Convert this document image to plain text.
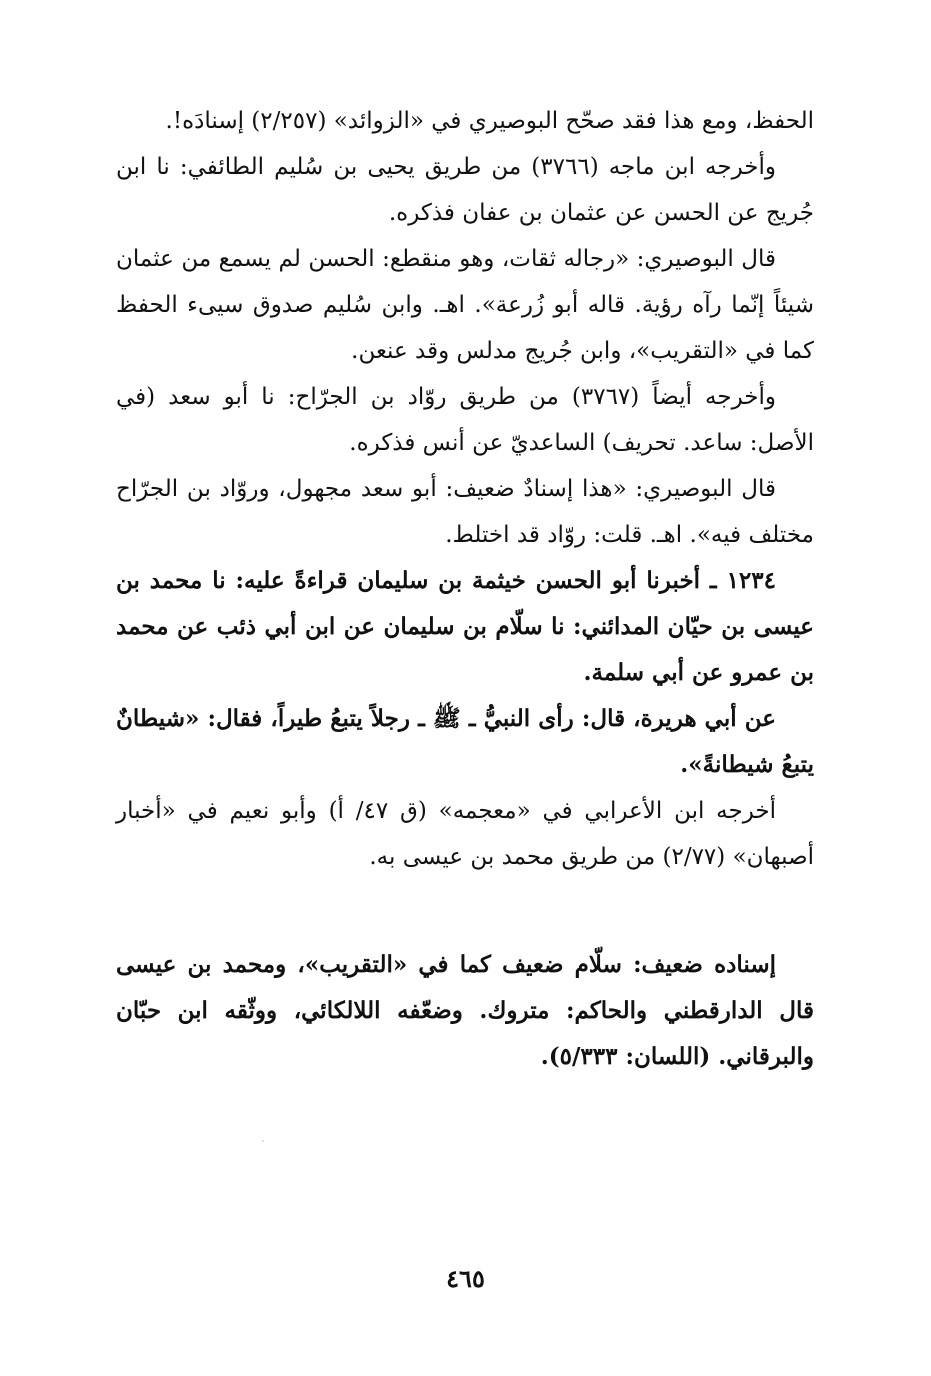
الحفظ، ومع هذا فقد صحّح البوصيري في «الزوائد» (٢/٢٥٧) إسنادَه!.

وأخرجه ابن ماجه (٣٧٦٦) من طريق يحيى بن سُليم الطائفي: نا ابن جُريج عن الحسن عن عثمان بن عفان فذكره.

قال البوصيري: «رجاله ثقات، وهو منقطع: الحسن لم يسمع من عثمان شيئاً إنّما رآه رؤية. قاله أبو زُرعة». اهـ. وابن سُليم صدوق سيىء الحفظ كما في «التقريب»، وابن جُريج مدلس وقد عنعن.

وأخرجه أيضاً (٣٧٦٧) من طريق روّاد بن الجرّاح: نا أبو سعد (في الأصل: ساعد. تحريف) الساعديّ عن أنس فذكره.

قال البوصيري: «هذا إسنادٌ ضعيف: أبو سعد مجهول، وروّاد بن الجرّاح مختلف فيه». اهـ. قلت: روّاد قد اختلط.

١٢٣٤ ـ أخبرنا أبو الحسن خيثمة بن سليمان قراءةً عليه: نا محمد بن عيسى بن حيّان المدائني: نا سلّام بن سليمان عن ابن أبي ذئب عن محمد بن عمرو عن أبي سلمة.

عن أبي هريرة، قال: رأى النبيُّ ـ ﷺ ـ رجلاً يتبعُ طيراً، فقال: «شيطانٌ يتبعُ شيطانةً».

أخرجه ابن الأعرابي في «معجمه» (ق ٤٧/ أ) وأبو نعيم في «أخبار أصبهان» (٢/٧٧) من طريق محمد بن عيسى به.

إسناده ضعيف: سلّام ضعيف كما في «التقريب»، ومحمد بن عيسى قال الدارقطني والحاكم: متروك. وضعّفه اللالكائي، ووثّقه ابن حبّان والبرقاني. (اللسان: ٥/٣٣٣).

٤٦٥
